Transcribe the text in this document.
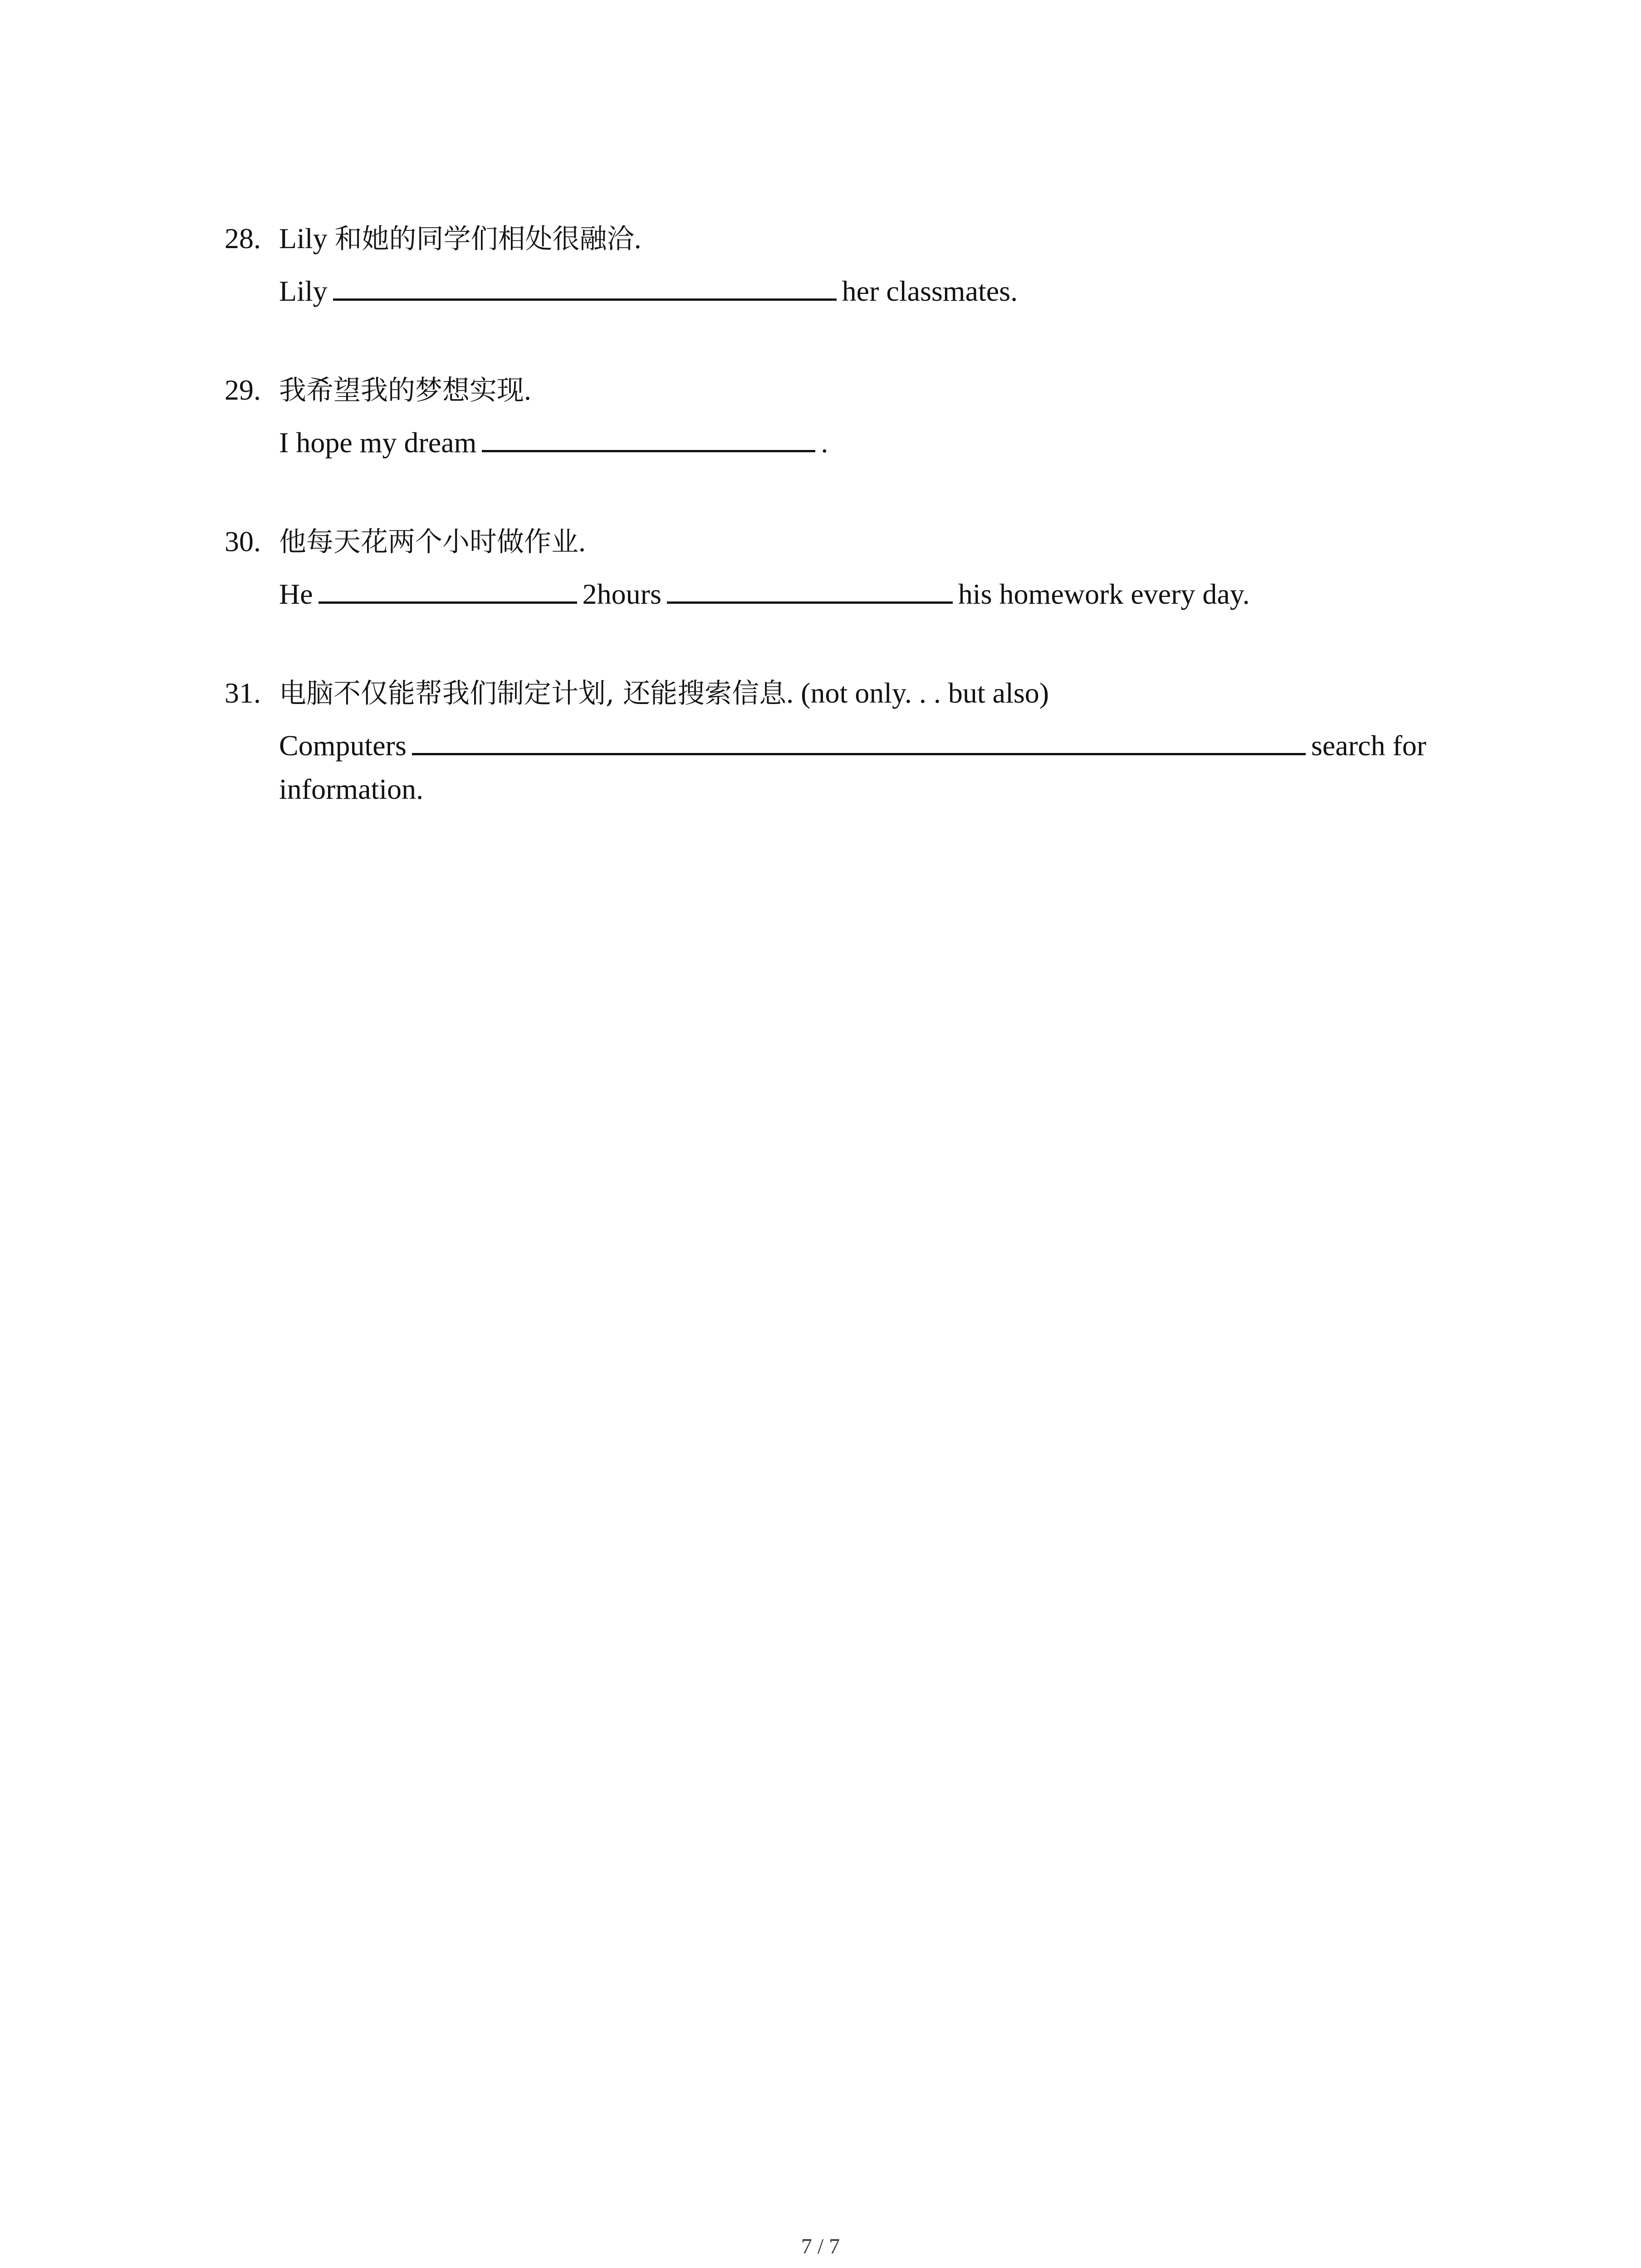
28. Lily 和她的同学们相处很融洽.
Lily	her classmates.
29. 我希望我的梦想实现.
I hope my dream	.
30. 他每天花两个小时做作业.
He	2hours	his homework every day.
31. 电脑不仅能帮我们制定计划, 还能搜索信息. (not only. . . but also)
Computers	search for
information.
7 / 7
